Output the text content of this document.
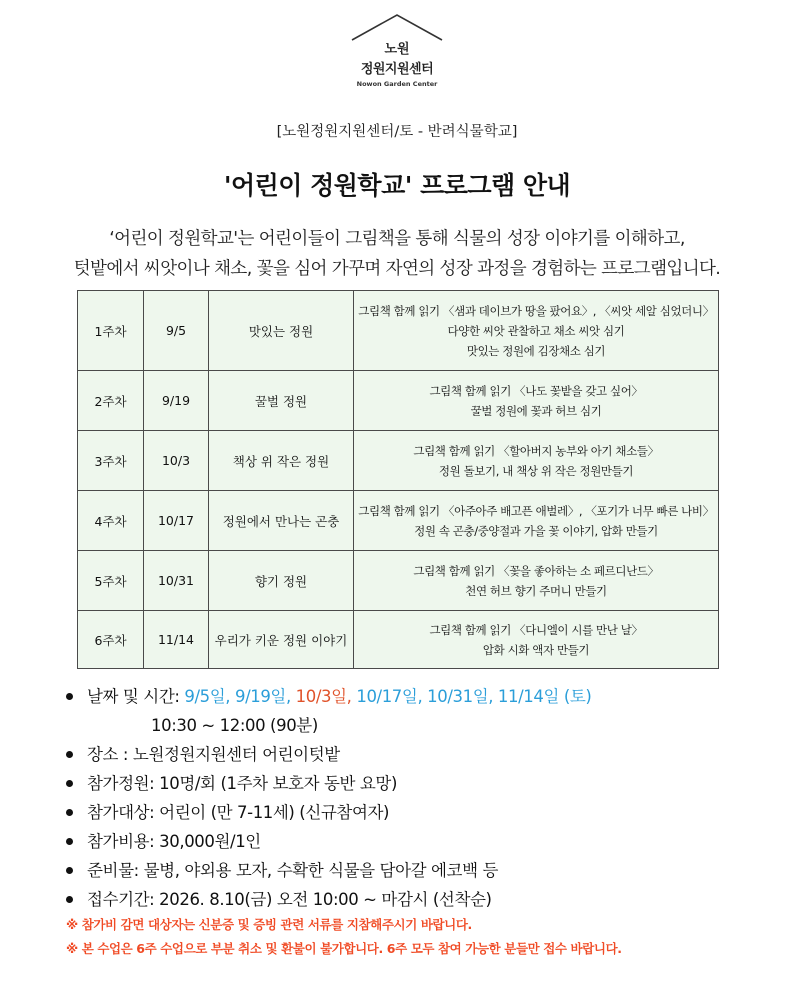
노원
정원지원센터
Nowon Garden Center
[노원정원지원센터/토 - 반려식물학교]
'어린이 정원학교' 프로그램 안내
‘어린이 정원학교'는 어린이들이 그림책을 통해 식물의 성장 이야기를 이해하고,
텃밭에서 씨앗이나 채소, 꽃을 심어 가꾸며 자연의 성장 과정을 경험하는 프로그램입니다.
1주차	9/5	맛있는 정원	그림책 함께 읽기 〈샘과 데이브가 땅을 팠어요〉, 〈씨앗 세알 심었더니〉
다양한 씨앗 관찰하고 채소 씨앗 심기
맛있는 정원에 김장채소 심기

2주차	9/19	꿀벌 정원	그림책 함께 읽기 〈나도 꽃밭을 갖고 싶어〉
꿀벌 정원에 꽃과 허브 심기

3주차	10/3	책상 위 작은 정원	그림책 함께 읽기 〈할아버지 농부와 아기 채소들〉
정원 돌보기, 내 책상 위 작은 정원만들기

4주차	10/17	정원에서 만나는 곤충	그림책 함께 읽기 〈아주아주 배고픈 애벌레〉, 〈포기가 너무 빠른 나비〉
정원 속 곤충/중양절과 가을 꽃 이야기, 압화 만들기

5주차	10/31	향기 정원	그림책 함께 읽기 〈꽃을 좋아하는 소 페르디난드〉
천연 허브 향기 주머니 만들기

6주차	11/14	우리가 키운 정원 이야기	그림책 함께 읽기 〈다니엘이 시를 만난 날〉
압화 시화 액자 만들기
날짜 및 시간: 9/5일, 9/19일, 10/3일, 10/17일, 10/31일, 11/14일 (토)
10:30 ~ 12:00 (90분)
장소 : 노원정원지원센터 어린이텃밭
참가정원: 10명/회 (1주차 보호자 동반 요망)
참가대상: 어린이 (만 7-11세) (신규참여자)
참가비용: 30,000원/1인
준비물: 물병, 야외용 모자, 수확한 식물을 담아갈 에코백 등
접수기간: 2026. 8.10(금) 오전 10:00 ~ 마감시 (선착순)
※ 참가비 감면 대상자는 신분증 및 증빙 관련 서류를 지참해주시기 바랍니다.
※ 본 수업은 6주 수업으로 부분 취소 및 환불이 불가합니다. 6주 모두 참여 가능한 분들만 접수 바랍니다.
